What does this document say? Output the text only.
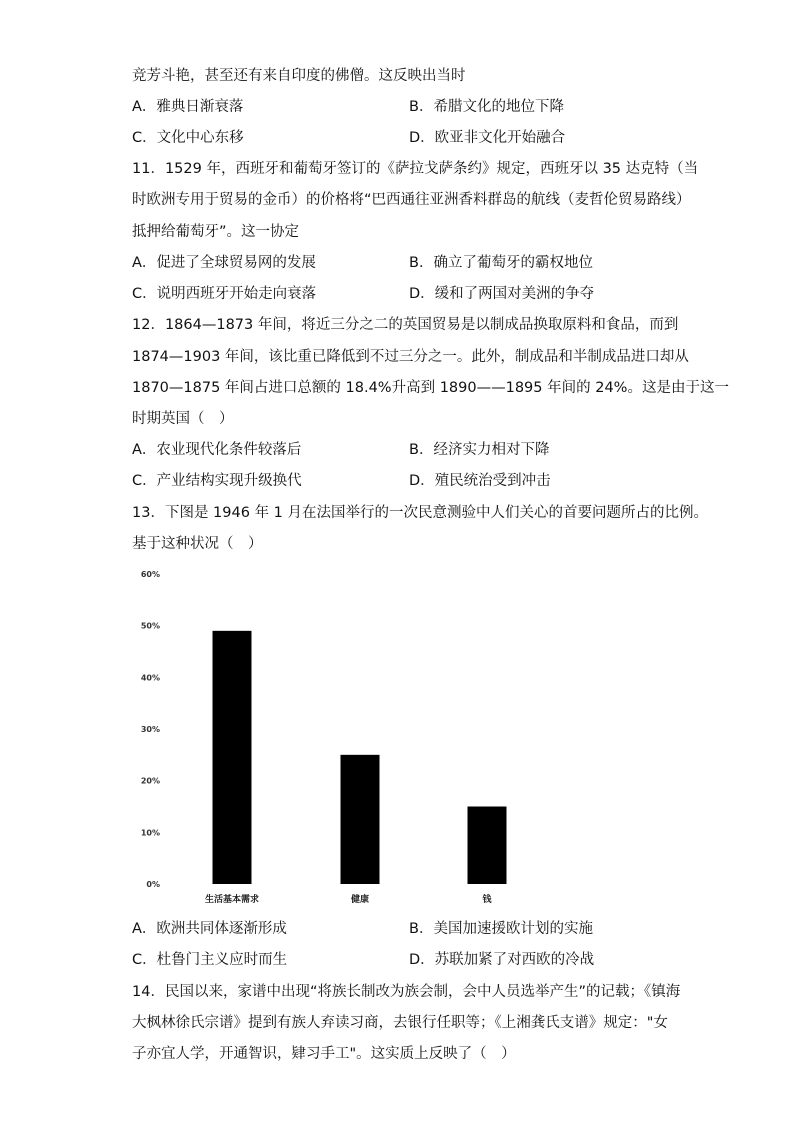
竞芳斗艳，甚至还有来自印度的佛僧。这反映出当时
A．雅典日渐衰落	B．希腊文化的地位下降
C．文化中心东移	D．欧亚非文化开始融合
11．1529 年，西班牙和葡萄牙签订的《萨拉戈萨条约》规定，西班牙以 35 达克特（当
时欧洲专用于贸易的金币）的价格将“巴西通往亚洲香料群岛的航线（麦哲伦贸易路线）
抵押给葡萄牙”。这一协定
A．促进了全球贸易网的发展	B．确立了葡萄牙的霸权地位
C．说明西班牙开始走向衰落	D．缓和了两国对美洲的争夺
12．1864—1873 年间，将近三分之二的英国贸易是以制成品换取原料和食品，而到
1874—1903 年间，该比重已降低到不过三分之一。此外，制成品和半制成品进口却从
1870—1875 年间占进口总额的 18.4%升高到 1890——1895 年间的 24%。这是由于这一
时期英国（　）
A．农业现代化条件较落后	B．经济实力相对下降
C．产业结构实现升级换代	D．殖民统治受到冲击
13．下图是 1946 年 1 月在法国举行的一次民意测验中人们关心的首要问题所占的比例。
基于这种状况（　）
0%
10%
20%
30%
40%
50%
60%
生活基本需求	健康	钱
A．欧洲共同体逐渐形成	B．美国加速援欧计划的实施
C．杜鲁门主义应时而生	D．苏联加紧了对西欧的冷战
14．民国以来，家谱中出现“将族长制改为族会制，会中人员选举产生”的记载；《镇海
大枫林徐氏宗谱》提到有族人弃读习商，去银行任职等；《上湘龚氏支谱》规定："女
子亦宜人学，开通智识，肄习手工"。这实质上反映了（　）
